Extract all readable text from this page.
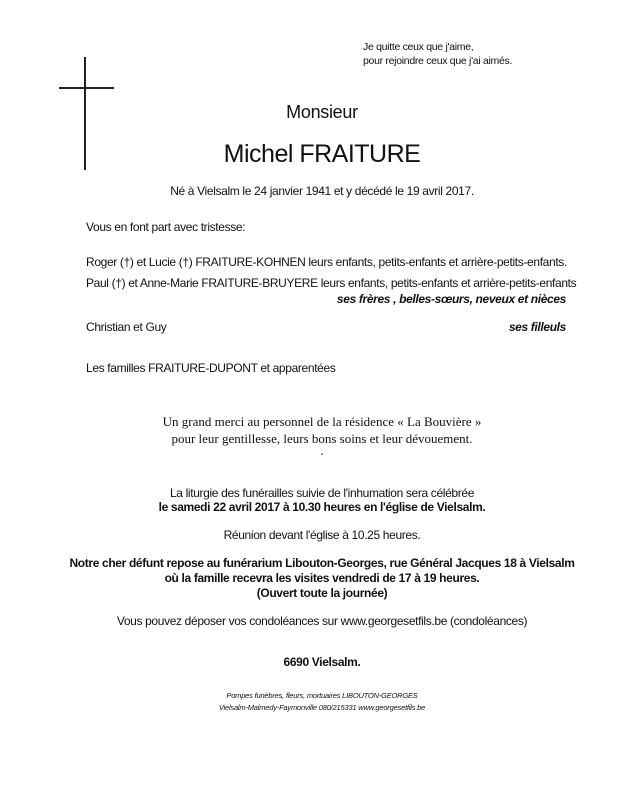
Je quitte ceux que j'aime,
pour rejoindre ceux que j'ai aimés.
Monsieur
Michel FRAITURE
Né à Vielsalm le 24 janvier 1941 et y décédé le 19 avril 2017.
Vous en font part avec tristesse:
Roger (†) et Lucie (†) FRAITURE-KOHNEN leurs enfants, petits-enfants et arrière-petits-enfants.
Paul (†) et Anne-Marie FRAITURE-BRUYERE leurs enfants, petits-enfants et arrière-petits-enfants
ses frères , belles-sœurs, neveux et nièces
Christian et Guy	ses filleuls
Les familles FRAITURE-DUPONT et apparentées
Un grand merci au personnel de la résidence « La Bouvière »
pour leur gentillesse, leurs bons soins et leur dévouement.
.
La liturgie des funérailles suivie de l'inhumation sera célébrée
le samedi 22 avril 2017 à 10.30 heures en l'église de Vielsalm.
Réunion devant l'église à 10.25 heures.
Notre cher défunt repose au funérarium Libouton-Georges, rue Général Jacques 18 à Vielsalm
où la famille recevra les visites vendredi de 17 à 19 heures.
(Ouvert toute la journée)
Vous pouvez déposer vos condoléances sur www.georgesetfils.be (condoléances)
6690 Vielsalm.
Pompes funèbres, fleurs, mortuaires LIBOUTON-GEORGES
Vielsalm-Malmedy-Faymonville 080/215331 www.georgesetfils.be
